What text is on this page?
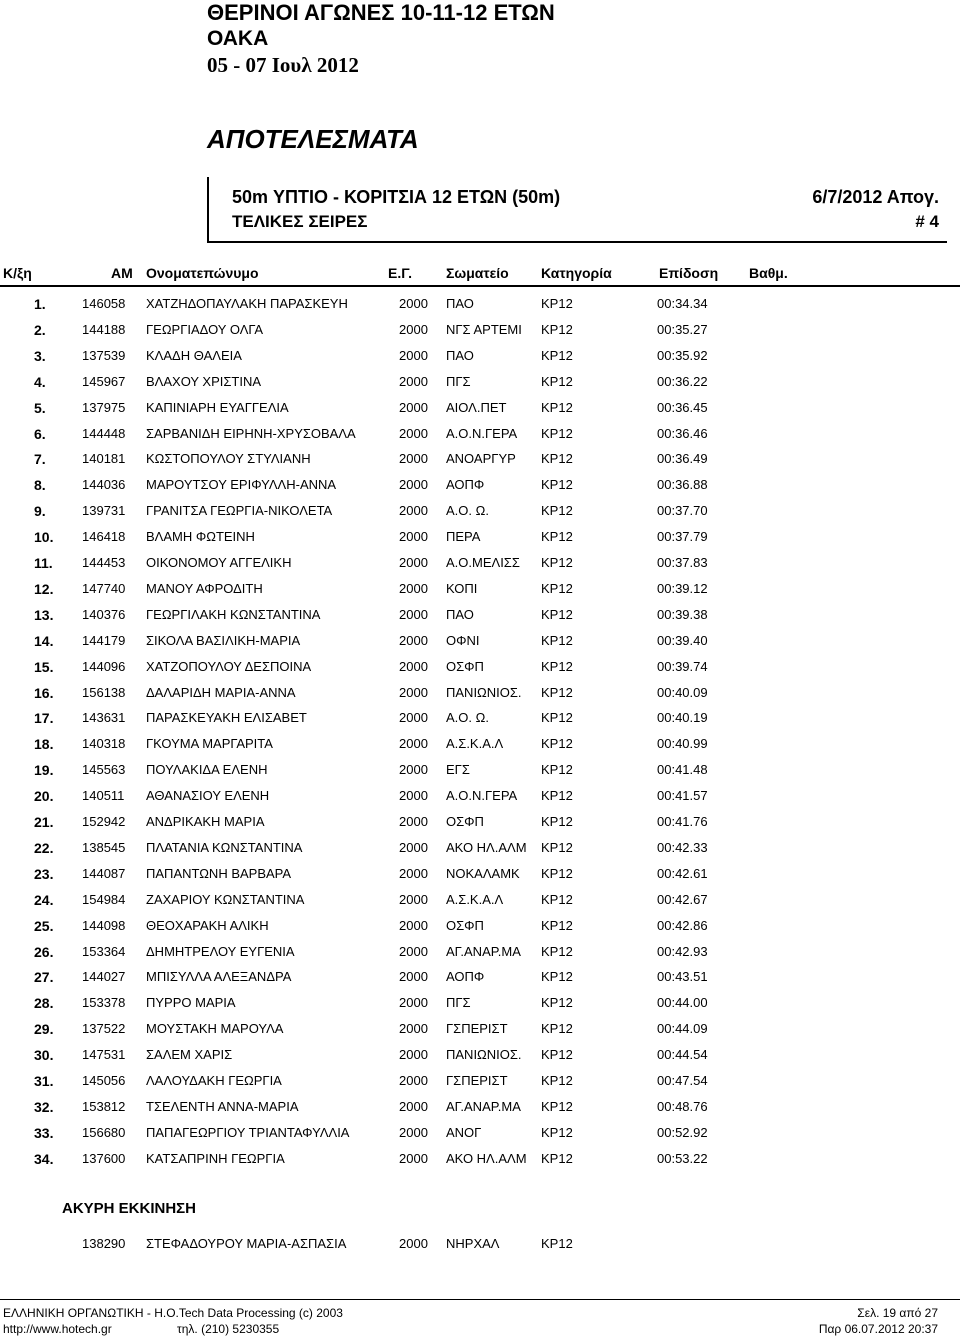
ΘΕΡΙΝΟΙ ΑΓΩΝΕΣ 10-11-12 ΕΤΩΝ
ΟΑΚΑ
05 - 07 Ιουλ 2012
ΑΠΟΤΕΛΕΣΜΑΤΑ
50m ΥΠΤΙΟ - ΚΟΡΙΤΣΙΑ 12 ΕΤΩΝ (50m)	6/7/2012 Απογ.
ΤΕΛΙΚΕΣ ΣΕΙΡΕΣ	# 4
Κ/ξη	ΑΜ Ονοματεπώνυμο	Ε.Γ. Σωματείο Κατηγορία	Επίδοση Βαθμ.
1.	146058 ΧΑΤΖΗΔΟΠΑΥΛΑΚΗ ΠΑΡΑΣΚΕΥΗ	2000 ΠΑΟ	ΚΡ12	00:34.34
2.	144188 ΓΕΩΡΓΙΑΔΟΥ ΟΛΓΑ	2000 ΝΓΣ ΑΡΤΕΜΙ ΚΡ12	00:35.27
3.	137539 ΚΛΑΔΗ ΘΑΛΕΙΑ	2000 ΠΑΟ	ΚΡ12	00:35.92
4.	145967 ΒΛΑΧΟΥ ΧΡΙΣΤΙΝΑ	2000 ΠΓΣ	ΚΡ12	00:36.22
5.	137975 ΚΑΠΙΝΙΑΡΗ ΕΥΑΓΓΕΛΙΑ	2000 ΑΙΟΛ.ΠΕΤ	ΚΡ12	00:36.45
6.	144448 ΣΑΡΒΑΝΙΔΗ ΕΙΡΗΝΗ-ΧΡΥΣΟΒΑΛΑ	2000 Α.Ο.Ν.ΓΕΡΑ ΚΡ12	00:36.46
7.	140181 ΚΩΣΤΟΠΟΥΛΟΥ ΣΤΥΛΙΑΝΗ	2000 ΑΝΟΑΡΓΥΡ ΚΡ12	00:36.49
8.	144036 ΜΑΡΟΥΤΣΟΥ ΕΡΙΦΥΛΛΗ-ΑΝΝΑ	2000 ΑΟΠΦ	ΚΡ12	00:36.88
9.	139731 ΓΡΑΝΙΤΣΑ ΓΕΩΡΓΙΑ-ΝΙΚΟΛΕΤΑ	2000 Α.Ο. Ω.	ΚΡ12	00:37.70
10. 146418 ΒΛΑΜΗ ΦΩΤΕΙΝΗ	2000 ΠΕΡΑ	ΚΡ12	00:37.79
11. 144453 ΟΙΚΟΝΟΜΟΥ ΑΓΓΕΛΙΚΗ	2000 Α.Ο.ΜΕΛΙΣΣ ΚΡ12	00:37.83
12. 147740 ΜΑΝΟΥ ΑΦΡΟΔΙΤΗ	2000 ΚΟΠΙ	ΚΡ12	00:39.12
13. 140376 ΓΕΩΡΓΙΛΑΚΗ ΚΩΝΣΤΑΝΤΙΝΑ	2000 ΠΑΟ	ΚΡ12	00:39.38
14. 144179 ΣΙΚΟΛΑ ΒΑΣΙΛΙΚΗ-ΜΑΡΙΑ	2000 ΟΦΝΙ	ΚΡ12	00:39.40
15. 144096 ΧΑΤΖΟΠΟΥΛΟΥ ΔΕΣΠΟΙΝΑ	2000 ΟΣΦΠ	ΚΡ12	00:39.74
16. 156138 ΔΑΛΑΡΙΔΗ ΜΑΡΙΑ-ΑΝΝΑ	2000 ΠΑΝΙΩΝΙΟΣ. ΚΡ12	00:40.09
17. 143631 ΠΑΡΑΣΚΕΥΑΚΗ ΕΛΙΣΑΒΕΤ	2000 Α.Ο. Ω.	ΚΡ12	00:40.19
18. 140318 ΓΚΟΥΜΑ ΜΑΡΓΑΡΙΤΑ	2000 Α.Σ.Κ.Α.Λ	ΚΡ12	00:40.99
19. 145563 ΠΟΥΛΑΚΙΔΑ ΕΛΕΝΗ	2000 ΕΓΣ	ΚΡ12	00:41.48
20. 140511 ΑΘΑΝΑΣΙΟΥ ΕΛΕΝΗ	2000 Α.Ο.Ν.ΓΕΡΑ ΚΡ12	00:41.57
21. 152942 ΑΝΔΡΙΚΑΚΗ ΜΑΡΙΑ	2000 ΟΣΦΠ	ΚΡ12	00:41.76
22. 138545 ΠΛΑΤΑΝΙΑ ΚΩΝΣΤΑΝΤΙΝΑ	2000 ΑΚΟ ΗΛ.ΑΛΜ ΚΡ12	00:42.33
23. 144087 ΠΑΠΑΝΤΩΝΗ ΒΑΡΒΑΡΑ	2000 ΝΟΚΑΛΑΜΚ ΚΡ12	00:42.61
24. 154984 ΖΑΧΑΡΙΟΥ ΚΩΝΣΤΑΝΤΙΝΑ	2000 Α.Σ.Κ.Α.Λ	ΚΡ12	00:42.67
25. 144098 ΘΕΟΧΑΡΑΚΗ ΑΛΙΚΗ	2000 ΟΣΦΠ	ΚΡ12	00:42.86
26. 153364 ΔΗΜΗΤΡΕΛΟΥ ΕΥΓΕΝΙΑ	2000 ΑΓ.ΑΝΑΡ.ΜΑ ΚΡ12	00:42.93
27. 144027 ΜΠΙΣΥΛΛΑ ΑΛΕΞΑΝΔΡΑ	2000 ΑΟΠΦ	ΚΡ12	00:43.51
28. 153378 ΠΥΡΡΟ ΜΑΡΙΑ	2000 ΠΓΣ	ΚΡ12	00:44.00
29. 137522 ΜΟΥΣΤΑΚΗ ΜΑΡΟΥΛΑ	2000 ΓΣΠΕΡΙΣΤ	ΚΡ12	00:44.09
30. 147531 ΣΑΛΕΜ ΧΑΡΙΣ	2000 ΠΑΝΙΩΝΙΟΣ. ΚΡ12	00:44.54
31. 145056 ΛΑΛΟΥΔΑΚΗ ΓΕΩΡΓΙΑ	2000 ΓΣΠΕΡΙΣΤ	ΚΡ12	00:47.54
32. 153812 ΤΣΕΛΕΝΤΗ ΑΝΝΑ-ΜΑΡΙΑ	2000 ΑΓ.ΑΝΑΡ.ΜΑ ΚΡ12	00:48.76
33. 156680 ΠΑΠΑΓΕΩΡΓΙΟΥ ΤΡΙΑΝΤΑΦΥΛΛΙΑ	2000 ΑΝΟΓ	ΚΡ12	00:52.92
34. 137600 ΚΑΤΣΑΠΡΙΝΗ ΓΕΩΡΓΙΑ	2000 ΑΚΟ ΗΛ.ΑΛΜ ΚΡ12	00:53.22
ΑΚΥΡΗ ΕΚΚΙΝΗΣΗ
138290 ΣΤΕΦΑΔΟΥΡΟΥ ΜΑΡΙΑ-ΑΣΠΑΣΙΑ	2000 ΝΗΡΧΑΛ	ΚΡ12
ΕΛΛΗΝΙΚΗ ΟΡΓΑΝΩΤΙΚΗ - Η.Ο.Tech Data Processing (c) 2003
http://www.hotech.gr	τηλ. (210) 5230355
Σελ. 19 από 27
Παρ 06.07.2012 20:37
